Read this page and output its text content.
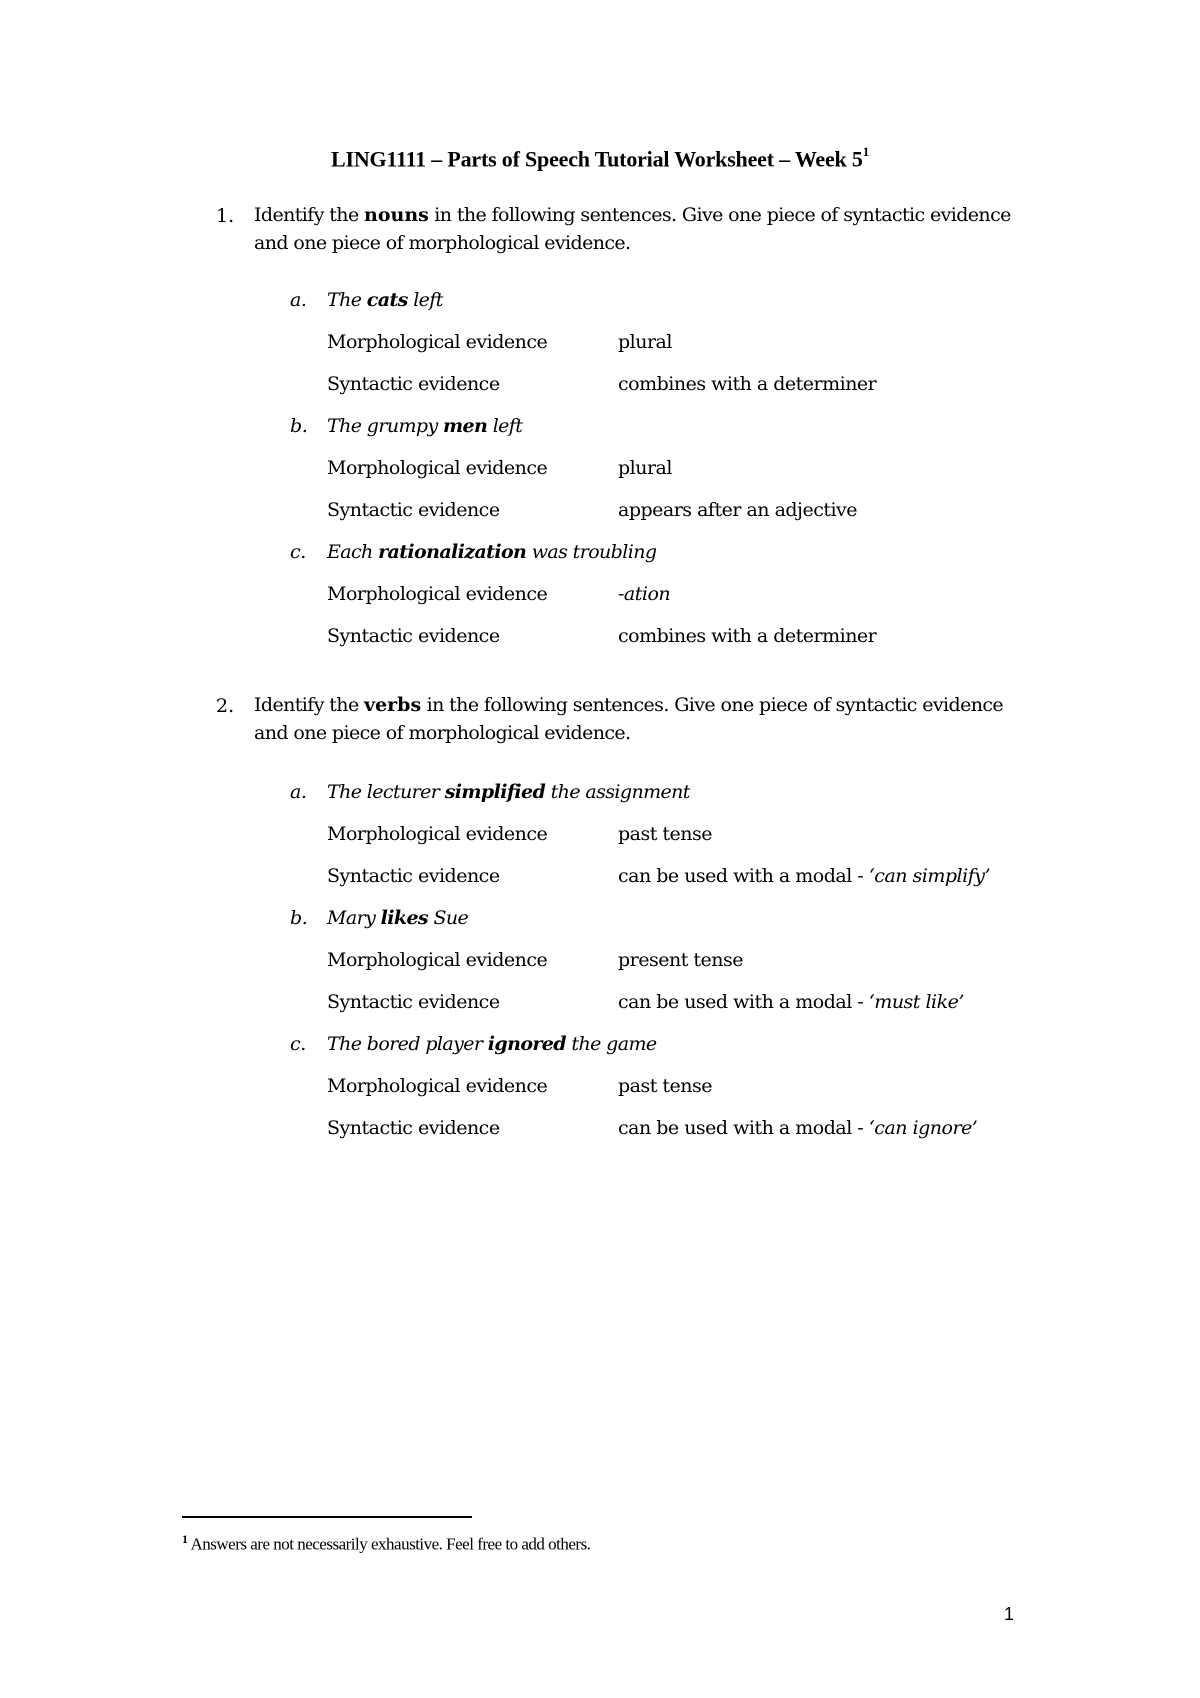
LING1111 – Parts of Speech Tutorial Worksheet – Week $5^1$
1. Identify the nouns in the following sentences. Give one piece of syntactic evidence and one piece of morphological evidence.
a. The cats left
Morphological evidence	plural
Syntactic evidence	combines with a determiner
b. The grumpy men left
Morphological evidence	plural
Syntactic evidence	appears after an adjective
c. Each rationalization was troubling
Morphological evidence	-ation
Syntactic evidence	combines with a determiner
2. Identify the verbs in the following sentences. Give one piece of syntactic evidence and one piece of morphological evidence.
a. The lecturer simplified the assignment
Morphological evidence	past tense
Syntactic evidence	can be used with a modal - ‘can simplify’
b. Mary likes Sue
Morphological evidence	present tense
Syntactic evidence	can be used with a modal - ‘must like’
c. The bored player ignored the game
Morphological evidence	past tense
Syntactic evidence	can be used with a modal - ‘can ignore’
$^1$ Answers are not necessarily exhaustive. Feel free to add others.
1
